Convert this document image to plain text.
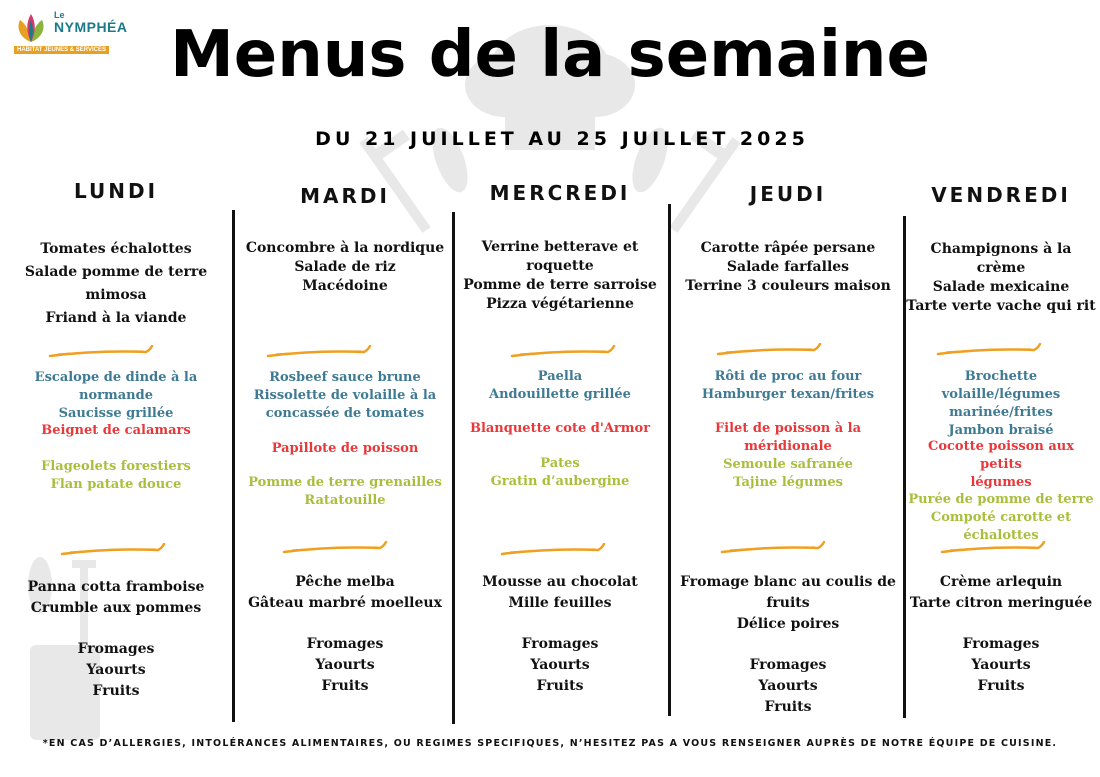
Le
NYMPHÉA
HABITAT JEUNES & SERVICES	Menus de la semaine
DU 21 JUILLET AU 25 JUILLET 2025
LUNDI
Tomates échalottes
Salade pomme de terre mimosa
Friand à la viande
Escalope de dinde à la normande
Saucisse grillée
Beignet de calamars
Flageolets forestiers
Flan patate douce
Panna cotta framboise
Crumble aux pommes
Fromages
Yaourts
Fruits
MARDI
Concombre à la nordique
Salade de riz
Macédoine
Rosbeef sauce brune
Rissolette de volaille à la
concassée de tomates
Papillote de poisson
Pomme de terre grenailles
Ratatouille
Pêche melba
Gâteau marbré moelleux
Fromages
Yaourts
Fruits
MERCREDI
Verrine betterave et roquette
Pomme de terre sarroise
Pizza végétarienne
Paella
Andouillette grillée
Blanquette cote d'Armor
Pates
Gratin d’aubergine
Mousse au chocolat
Mille feuilles
Fromages
Yaourts
Fruits
JEUDI
Carotte râpée persane
Salade farfalles
Terrine 3 couleurs maison
Rôti de proc au four
Hamburger texan/frites
Filet de poisson à la méridionale
Semoule safranée
Tajine légumes
Fromage blanc au coulis de
fruits
Délice poires
Fromages
Yaourts
Fruits
VENDREDI
Champignons à la crème
Salade mexicaine
Tarte verte vache qui rit
Brochette volaille/légumes
marinée/frites
Jambon braisé
Cocotte poisson aux petits
légumes
Purée de pomme de terre
Compoté carotte et
échalottes
Crème arlequin
Tarte citron meringuée
Fromages
Yaourts
Fruits
*EN CAS D’ALLERGIES, INTOLÉRANCES ALIMENTAIRES, OU REGIMES SPECIFIQUES, N’HESITEZ PAS A VOUS RENSEIGNER AUPRÈS DE NOTRE ÉQUIPE DE CUISINE.
